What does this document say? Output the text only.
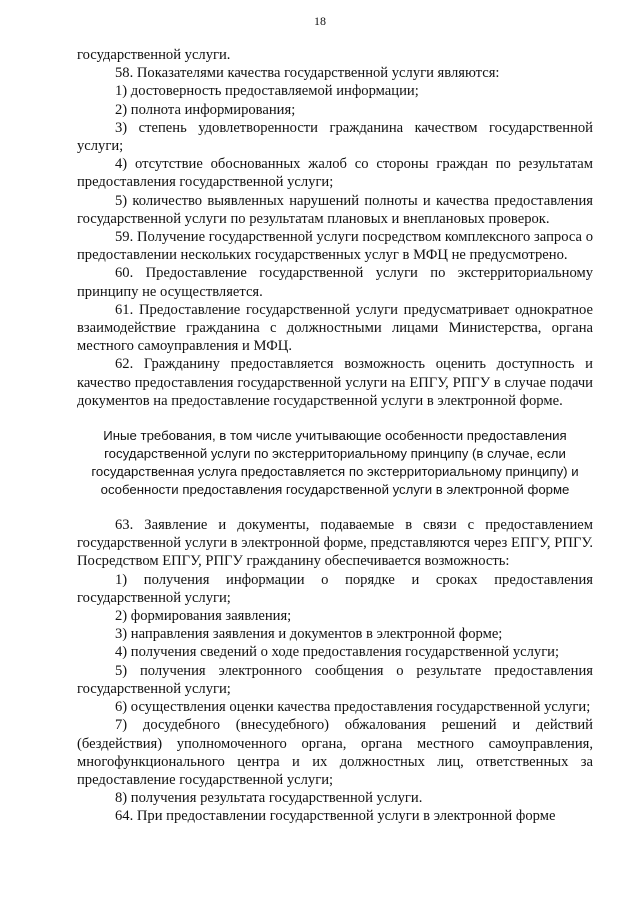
18

государственной услуги.

58. Показателями качества государственной услуги являются:

1) достоверность предоставляемой информации;

2) полнота информирования;

3) степень удовлетворенности гражданина качеством государственной услуги;

4) отсутствие обоснованных жалоб со стороны граждан по результатам предоставления государственной услуги;

5) количество выявленных нарушений полноты и качества предоставления государственной услуги по результатам плановых и внеплановых проверок.

59. Получение государственной услуги посредством комплексного запроса о предоставлении нескольких государственных услуг в МФЦ не предусмотрено.

60. Предоставление государственной услуги по экстерриториальному принципу не осуществляется.

61. Предоставление государственной услуги предусматривает однократное взаимодействие гражданина с должностными лицами Министерства, органа местного самоуправления и МФЦ.

62. Гражданину предоставляется возможность оценить доступность и качество предоставления государственной услуги на ЕПГУ, РПГУ в случае подачи документов на предоставление государственной услуги в электронной форме.

Иные требования, в том числе учитывающие особенности предоставления государственной услуги по экстерриториальному принципу (в случае, если государственная услуга предоставляется по экстерриториальному принципу) и особенности предоставления государственной услуги в электронной форме

63. Заявление и документы, подаваемые в связи с предоставлением государственной услуги в электронной форме, представляются через ЕПГУ, РПГУ. Посредством ЕПГУ, РПГУ гражданину обеспечивается возможность:

1) получения информации о порядке и сроках предоставления государственной услуги;

2) формирования заявления;

3) направления заявления и документов в электронной форме;

4) получения сведений о ходе предоставления государственной услуги;

5) получения электронного сообщения о результате предоставления государственной услуги;

6) осуществления оценки качества предоставления государственной услуги;

7) досудебного (внесудебного) обжалования решений и действий (бездействия) уполномоченного органа, органа местного самоуправления, многофункционального центра и их должностных лиц, ответственных за предоставление государственной услуги;

8) получения результата государственной услуги.

64. При предоставлении государственной услуги в электронной форме
